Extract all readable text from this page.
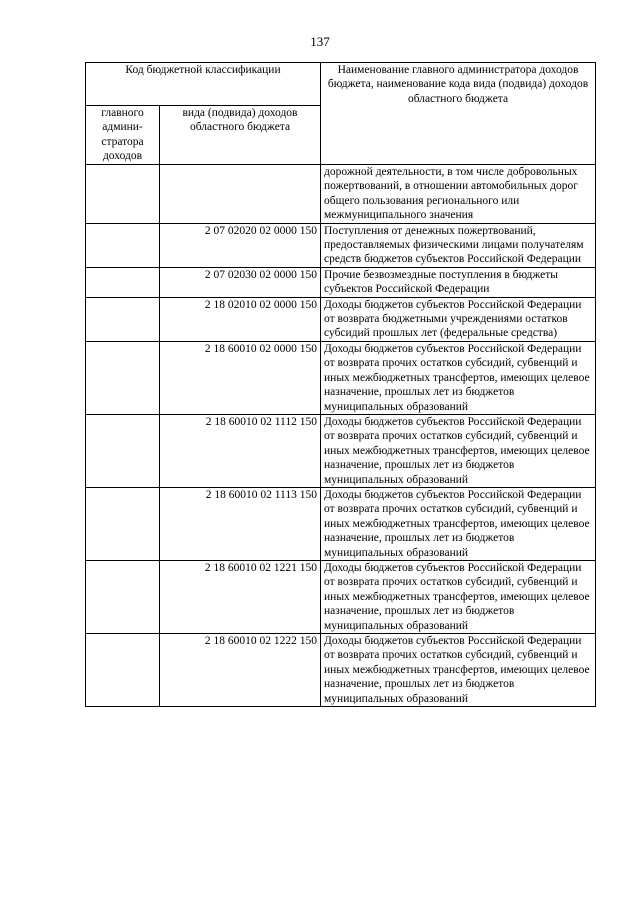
137
Код бюджетной классификации		Наименование главного администратора доходов бюджета, наименование кода вида (подвида) доходов областного бюджета
главного админи-стратора доходов	вида (подвида) доходов областного бюджета	
		дорожной деятельности, в том числе добровольных пожертвований, в отношении автомобильных дорог общего пользования регионального или межмуниципального значения
	2 07 02020 02 0000 150	Поступления от денежных пожертвований, предоставляемых физическими лицами получателям средств бюджетов субъектов Российской Федерации
	2 07 02030 02 0000 150	Прочие безвозмездные поступления в бюджеты субъектов Российской Федерации
	2 18 02010 02 0000 150	Доходы бюджетов субъектов Российской Федерации от возврата бюджетными учреждениями остатков субсидий прошлых лет (федеральные средства)
	2 18 60010 02 0000 150	Доходы бюджетов субъектов Российской Федерации от возврата прочих остатков субсидий, субвенций и иных межбюджетных трансфертов, имеющих целевое назначение, прошлых лет из бюджетов муниципальных образований
	2 18 60010 02 1112 150	Доходы бюджетов субъектов Российской Федерации от возврата прочих остатков субсидий, субвенций и иных межбюджетных трансфертов, имеющих целевое назначение, прошлых лет из бюджетов муниципальных образований
	2 18 60010 02 1113 150	Доходы бюджетов субъектов Российской Федерации от возврата прочих остатков субсидий, субвенций и иных межбюджетных трансфертов, имеющих целевое назначение, прошлых лет из бюджетов муниципальных образований
	2 18 60010 02 1221 150	Доходы бюджетов субъектов Российской Федерации от возврата прочих остатков субсидий, субвенций и иных межбюджетных трансфертов, имеющих целевое назначение, прошлых лет из бюджетов муниципальных образований
	2 18 60010 02 1222 150	Доходы бюджетов субъектов Российской Федерации от возврата прочих остатков субсидий, субвенций и иных межбюджетных трансфертов, имеющих целевое назначение, прошлых лет из бюджетов муниципальных образований
